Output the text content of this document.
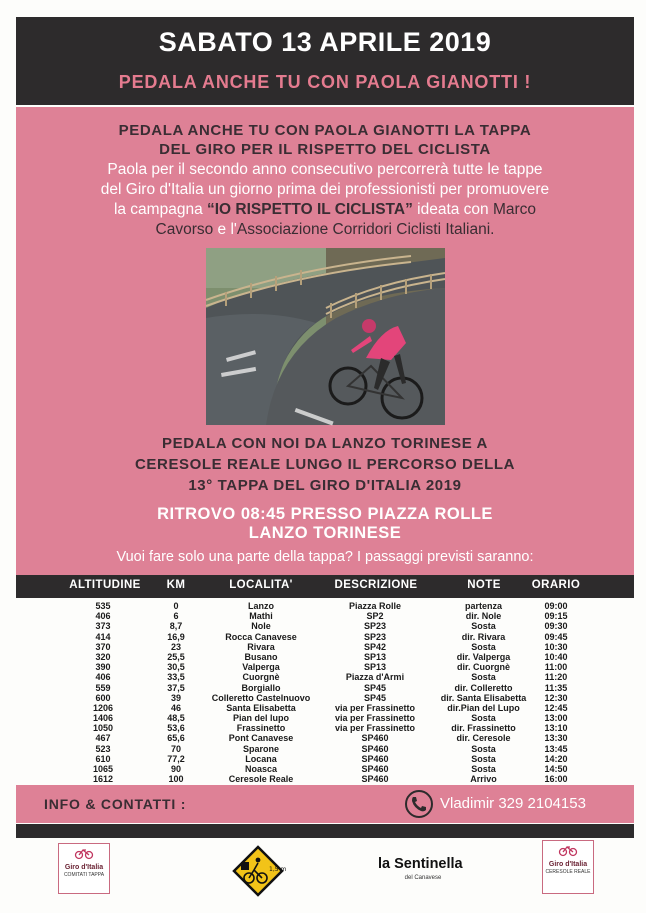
SABATO 13 APRILE 2019
PEDALA ANCHE TU CON PAOLA GIANOTTI !
PEDALA ANCHE TU CON PAOLA GIANOTTI LA TAPPA
DEL GIRO PER IL RISPETTO DEL CICLISTA
Paola per il secondo anno consecutivo percorrerà tutte le tappe
del Giro d'Italia un giorno prima dei professionisti per promuovere
la campagna “IO RISPETTO IL CICLISTA” ideata con Marco
Cavorso e l'Associazione Corridori Ciclisti Italiani.
PEDALA CON NOI DA LANZO TORINESE A
CERESOLE REALE LUNGO IL PERCORSO DELLA
13° TAPPA DEL GIRO D'ITALIA 2019
RITROVO 08:45 PRESSO PIAZZA ROLLE
LANZO TORINESE
Vuoi fare solo una parte della tappa? I passaggi previsti saranno:
ALTITUDINE	KM	LOCALITA'	DESCRIZIONE	NOTE	ORARIO
535	0	Lanzo	Piazza Rolle	partenza	09:00
406	6	Mathi	SP2	dir. Nole	09:15
373	8,7	Nole	SP23	Sosta	09:30
414	16,9	Rocca Canavese	SP23	dir. Rivara	09:45
370	23	Rivara	SP42	Sosta	10:30
320	25,5	Busano	SP13	dir. Valperga	10:40
390	30,5	Valperga	SP13	dir. Cuorgnè	11:00
406	33,5	Cuorgnè	Piazza d'Armi	Sosta	11:20
559	37,5	Borgiallo	SP45	dir. Colleretto	11:35
600	39	Colleretto Castelnuovo	SP45	dir. Santa Elisabetta	12:30
1206	46	Santa Elisabetta	via per Frassinetto	dir.Pian del Lupo	12:45
1406	48,5	Pian del lupo	via per Frassinetto	Sosta	13:00
1050	53,6	Frassinetto	via per Frassinetto	dir. Frassinetto	13:10
467	65,6	Pont Canavese	SP460	dir. Ceresole	13:30
523	70	Sparone	SP460	Sosta	13:45
610	77,2	Locana	SP460	Sosta	14:20
1065	90	Noasca	SP460	Sosta	14:50
1612	100	Ceresole Reale	SP460	Arrivo	16:00
INFO & CONTATTI :	Vladimir 329 2104153
Giro d'Italia
COMITATI TAPPA
1,5 m	la Sentinella
del Canavese
Giro d'Italia
CERESOLE REALE
